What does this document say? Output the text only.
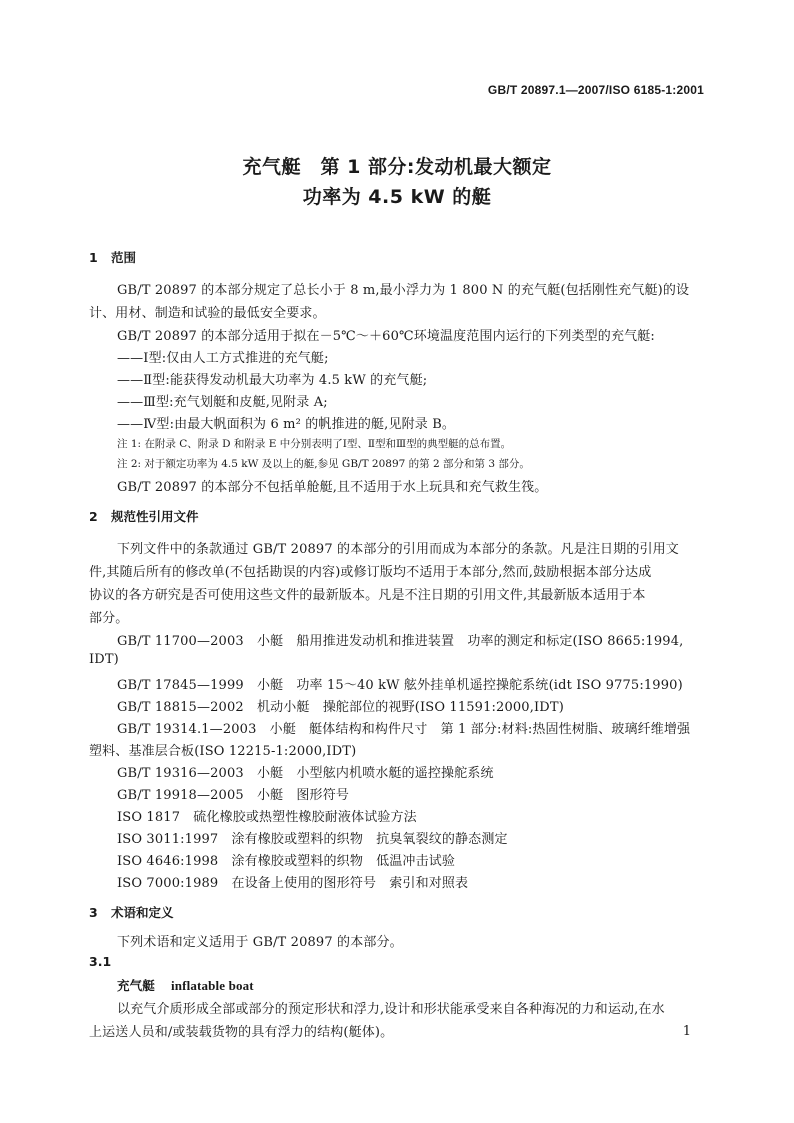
GB/T 20897.1—2007/ISO 6185-1:2001
充气艇　第 1 部分:发动机最大额定
功率为 4.5 kW 的艇
1 范围
GB/T 20897 的本部分规定了总长小于 8 m,最小浮力为 1 800 N 的充气艇(包括刚性充气艇)的设
计、用材、制造和试验的最低安全要求。
GB/T 20897 的本部分适用于拟在－5℃～＋60℃环境温度范围内运行的下列类型的充气艇:
——Ⅰ型:仅由人工方式推进的充气艇;
——Ⅱ型:能获得发动机最大功率为 4.5 kW 的充气艇;
——Ⅲ型:充气划艇和皮艇,见附录 A;
——Ⅳ型:由最大帆面积为 6 m² 的帆推进的艇,见附录 B。
注 1: 在附录 C、附录 D 和附录 E 中分别表明了Ⅰ型、Ⅱ型和Ⅲ型的典型艇的总布置。
注 2: 对于额定功率为 4.5 kW 及以上的艇,参见 GB/T 20897 的第 2 部分和第 3 部分。
GB/T 20897 的本部分不包括单舱艇,且不适用于水上玩具和充气救生筏。
2 规范性引用文件
下列文件中的条款通过 GB/T 20897 的本部分的引用而成为本部分的条款。凡是注日期的引用文
件,其随后所有的修改单(不包括勘误的内容)或修订版均不适用于本部分,然而,鼓励根据本部分达成
协议的各方研究是否可使用这些文件的最新版本。凡是不注日期的引用文件,其最新版本适用于本
部分。
GB/T 11700—2003　小艇　船用推进发动机和推进装置　功率的测定和标定(ISO 8665:1994,
IDT)
GB/T 17845—1999　小艇　功率 15～40 kW 舷外挂单机遥控操舵系统(idt ISO 9775:1990)
GB/T 18815—2002　机动小艇　操舵部位的视野(ISO 11591:2000,IDT)
GB/T 19314.1—2003　小艇　艇体结构和构件尺寸　第 1 部分:材料:热固性树脂、玻璃纤维增强
塑料、基准层合板(ISO 12215-1:2000,IDT)
GB/T 19316—2003　小艇　小型舷内机喷水艇的遥控操舵系统
GB/T 19918—2005　小艇　图形符号
ISO 1817　硫化橡胶或热塑性橡胶耐液体试验方法
ISO 3011:1997　涂有橡胶或塑料的织物　抗臭氧裂纹的静态测定
ISO 4646:1998　涂有橡胶或塑料的织物　低温冲击试验
ISO 7000:1989　在设备上使用的图形符号　索引和对照表
3 术语和定义
下列术语和定义适用于 GB/T 20897 的本部分。
3.1
充气艇 inflatable boat
以充气介质形成全部或部分的预定形状和浮力,设计和形状能承受来自各种海况的力和运动,在水
上运送人员和/或装载货物的具有浮力的结构(艇体)。	1
